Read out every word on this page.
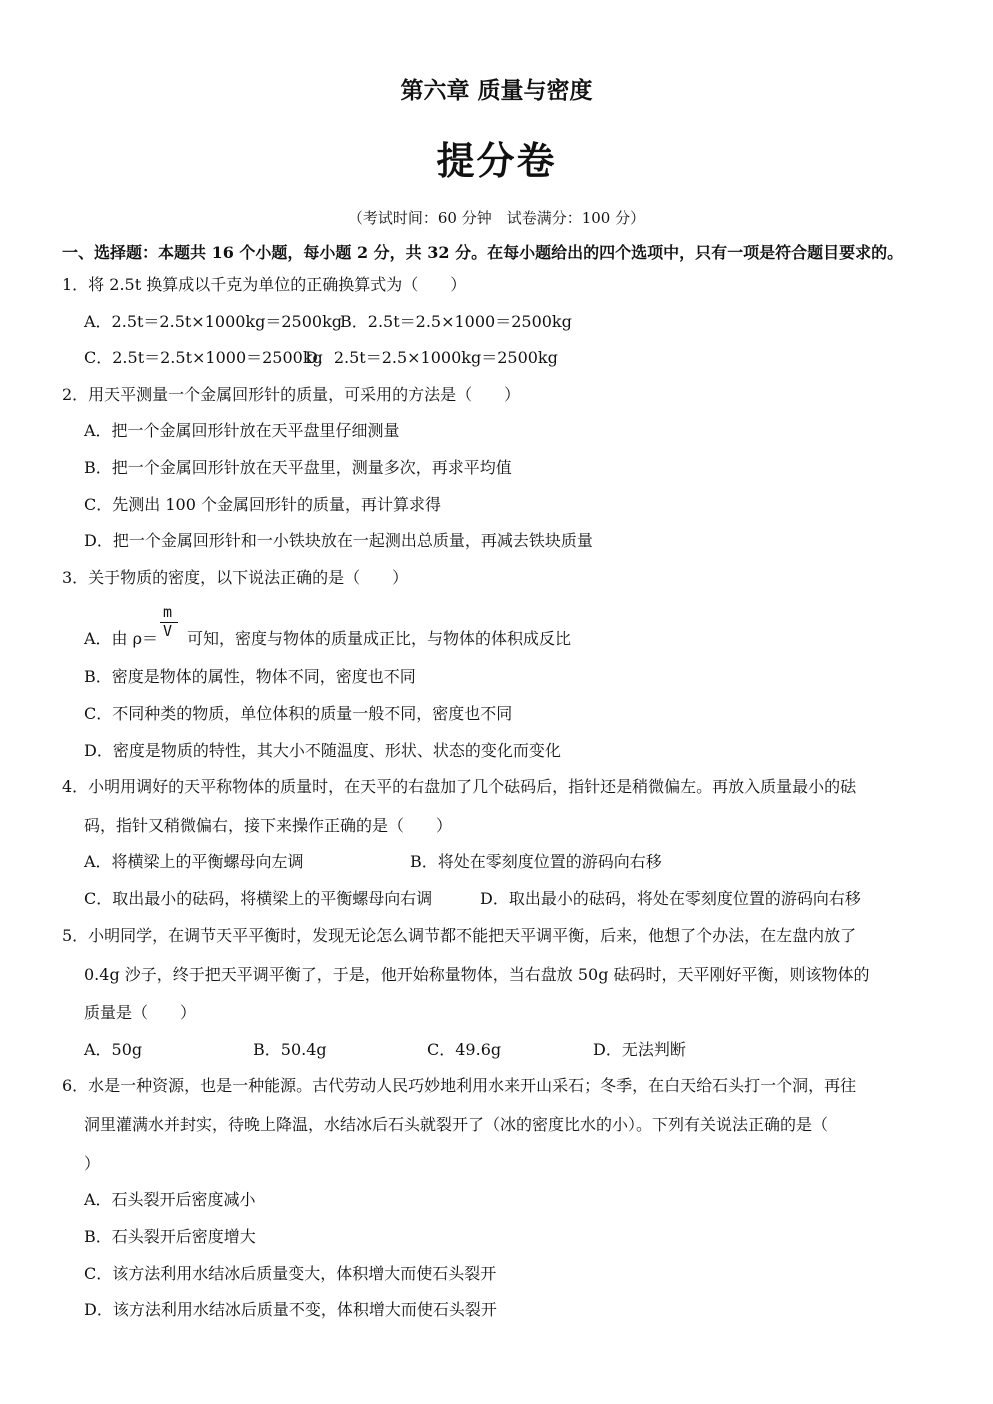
第六章 质量与密度
提分卷
（考试时间：60 分钟　试卷满分：100 分）
一、选择题：本题共 16 个小题，每小题 2 分，共 32 分。在每小题给出的四个选项中，只有一项是符合题目要求的。
1．将 2.5t 换算成以千克为单位的正确换算式为（　　）
A．2.5t＝2.5t×1000kg＝2500kg
B．2.5t＝2.5×1000＝2500kg
C．2.5t＝2.5t×1000＝2500kg
D．2.5t＝2.5×1000kg＝2500kg
2．用天平测量一个金属回形针的质量，可采用的方法是（　　）
A．把一个金属回形针放在天平盘里仔细测量
B．把一个金属回形针放在天平盘里，测量多次，再求平均值
C．先测出 100 个金属回形针的质量，再计算求得
D．把一个金属回形针和一小铁块放在一起测出总质量，再减去铁块质量
3．关于物质的密度，以下说法正确的是（　　）
A．由 ρ＝
m
V 可知，密度与物体的质量成正比，与物体的体积成反比
B．密度是物体的属性，物体不同，密度也不同
C．不同种类的物质，单位体积的质量一般不同，密度也不同
D．密度是物质的特性，其大小不随温度、形状、状态的变化而变化
4．小明用调好的天平称物体的质量时，在天平的右盘加了几个砝码后，指针还是稍微偏左。再放入质量最小的砝
码，指针又稍微偏右，接下来操作正确的是（　　）
A．将横梁上的平衡螺母向左调	B．将处在零刻度位置的游码向右移
C．取出最小的砝码，将横梁上的平衡螺母向右调	D．取出最小的砝码，将处在零刻度位置的游码向右移
5．小明同学，在调节天平平衡时，发现无论怎么调节都不能把天平调平衡，后来，他想了个办法，在左盘内放了
0.4g 沙子，终于把天平调平衡了，于是，他开始称量物体，当右盘放 50g 砝码时，天平刚好平衡，则该物体的
质量是（　　）
A．50g	B．50.4g	C．49.6g	D．无法判断
6．水是一种资源，也是一种能源。古代劳动人民巧妙地利用水来开山采石；冬季，在白天给石头打一个洞，再往
洞里灌满水并封实，待晚上降温，水结冰后石头就裂开了（冰的密度比水的小）。下列有关说法正确的是（
）
A．石头裂开后密度减小
B．石头裂开后密度增大
C．该方法利用水结冰后质量变大，体积增大而使石头裂开
D．该方法利用水结冰后质量不变，体积增大而使石头裂开
